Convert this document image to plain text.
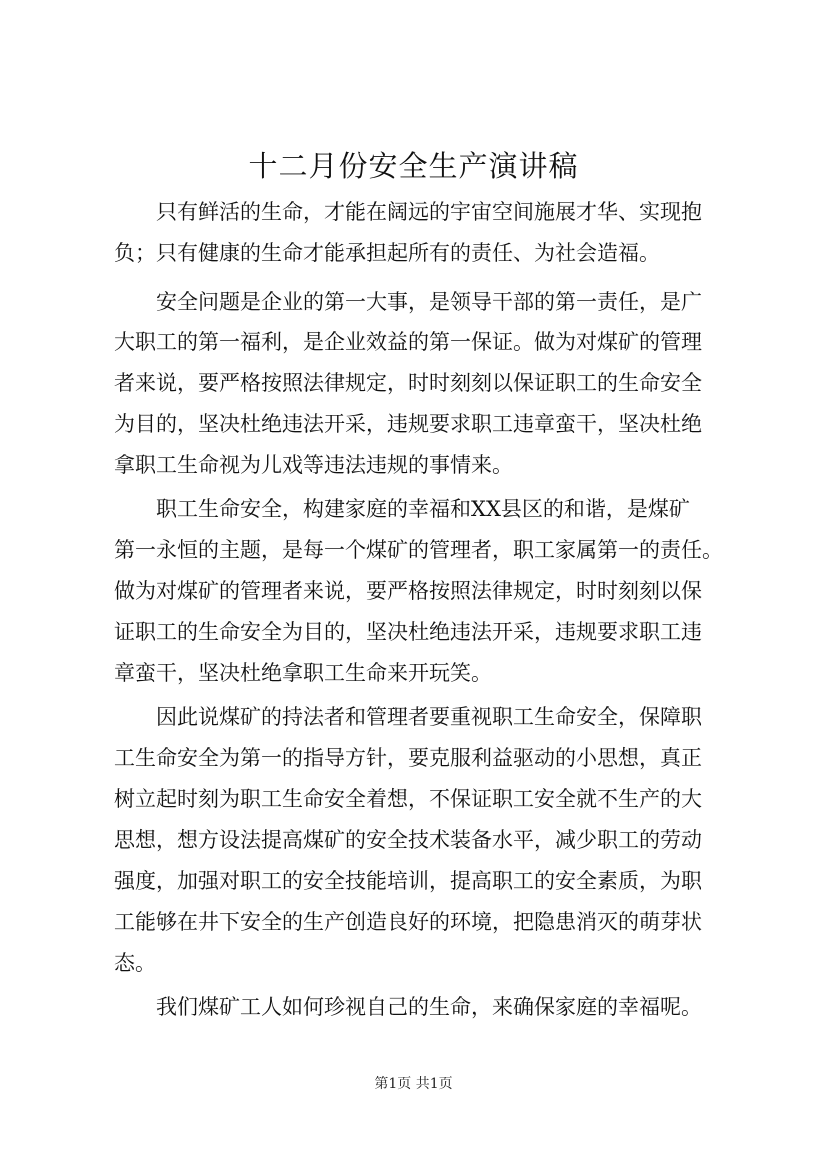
十二月份安全生产演讲稿
只有鲜活的生命，才能在阔远的宇宙空间施展才华、实现抱
负；只有健康的生命才能承担起所有的责任、为社会造福。
安全问题是企业的第一大事，是领导干部的第一责任，是广
大职工的第一福利，是企业效益的第一保证。做为对煤矿的管理
者来说，要严格按照法律规定，时时刻刻以保证职工的生命安全
为目的，坚决杜绝违法开采，违规要求职工违章蛮干，坚决杜绝
拿职工生命视为儿戏等违法违规的事情来。
职工生命安全，构建家庭的幸福和XX县区的和谐，是煤矿
第一永恒的主题，是每一个煤矿的管理者，职工家属第一的责任。
做为对煤矿的管理者来说，要严格按照法律规定，时时刻刻以保
证职工的生命安全为目的，坚决杜绝违法开采，违规要求职工违
章蛮干，坚决杜绝拿职工生命来开玩笑。
因此说煤矿的持法者和管理者要重视职工生命安全，保障职
工生命安全为第一的指导方针，要克服利益驱动的小思想，真正
树立起时刻为职工生命安全着想，不保证职工安全就不生产的大
思想，想方设法提高煤矿的安全技术装备水平，减少职工的劳动
强度，加强对职工的安全技能培训，提高职工的安全素质，为职
工能够在井下安全的生产创造良好的环境，把隐患消灭的萌芽状
态。
我们煤矿工人如何珍视自己的生命，来确保家庭的幸福呢。
第1页 共1页
